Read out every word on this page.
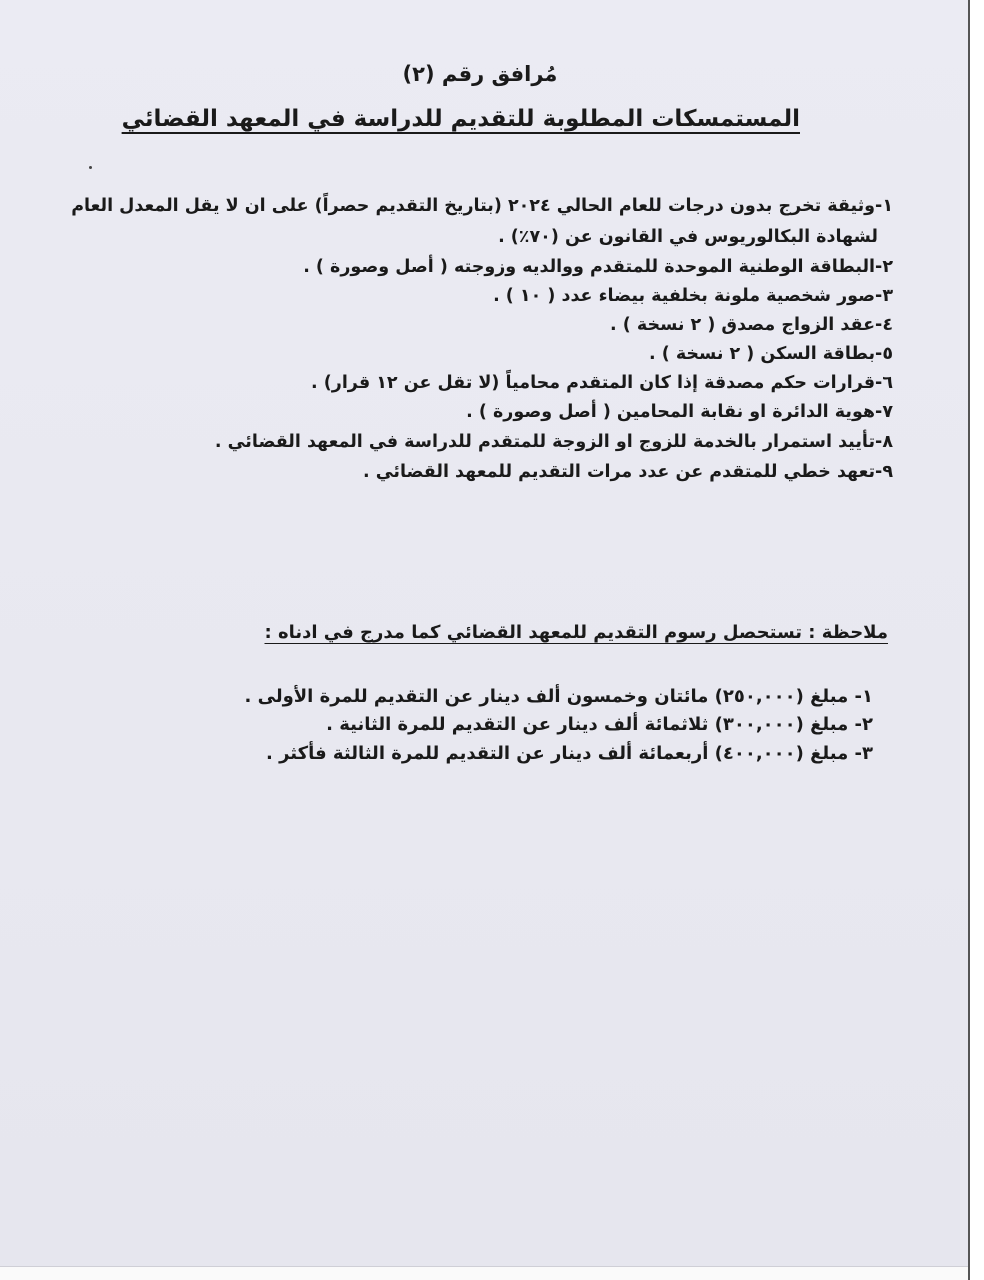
مُرافق رقم (٢)
المستمسكات المطلوبة للتقديم للدراسة في المعهد القضائي
١-وثيقة تخرج بدون درجات للعام الحالي ٢٠٢٤ (بتاريخ التقديم حصراً) على ان لا يقل المعدل العام
لشهادة البكالوريوس في القانون عن (٧٠٪) .
٢-البطاقة الوطنية الموحدة للمتقدم ووالديه وزوجته ( أصل وصورة ) .
٣-صور شخصية ملونة بخلفية بيضاء عدد ( ١٠ ) .
٤-عقد الزواج مصدق ( ٢ نسخة ) .
٥-بطاقة السكن ( ٢ نسخة ) .
٦-قرارات حكم مصدقة إذا كان المتقدم محامياً (لا تقل عن ١٢ قرار) .
٧-هوية الدائرة او نقابة المحامين ( أصل وصورة ) .
٨-تأييد استمرار بالخدمة للزوج او الزوجة للمتقدم للدراسة في المعهد القضائي .
٩-تعهد خطي للمتقدم عن عدد مرات التقديم للمعهد القضائي .
ملاحظة : تستحصل رسوم التقديم للمعهد القضائي كما مدرج في ادناه :
١- مبلغ (٢٥٠,٠٠٠) مائتان وخمسون ألف دينار عن التقديم للمرة الأولى .
٢- مبلغ (٣٠٠,٠٠٠) ثلاثمائة ألف دينار عن التقديم للمرة الثانية .
٣- مبلغ (٤٠٠,٠٠٠) أربعمائة ألف دينار عن التقديم للمرة الثالثة فأكثر .
